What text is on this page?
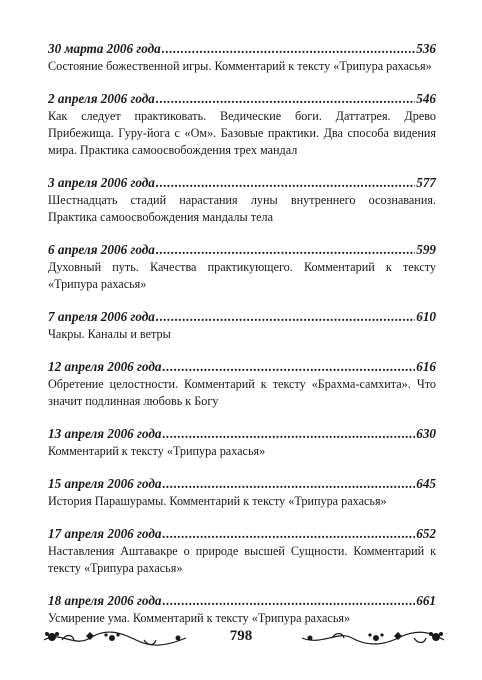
30 марта 2006 года .....	536
Состояние божественной игры. Комментарий к тексту «Трипура рахасья»
2 апреля 2006 года .....	546
Как следует практиковать. Ведические боги. Даттатрея. Древо Прибежища. Гуру-йога с «Ом». Базовые практики. Два способа видения мира. Практика самоосвобождения трех мандал
3 апреля 2006 года .....	577
Шестнадцать стадий нарастания луны внутреннего осознавания. Практика самоосвобождения мандалы тела
6 апреля 2006 года .....	599
Духовный путь. Качества практикующего. Комментарий к тексту «Трипура рахасья»
7 апреля 2006 года .....	610
Чакры. Каналы и ветры
12 апреля 2006 года .....	616
Обретение целостности. Комментарий к тексту «Брахма-самхита». Что значит подлинная любовь к Богу
13 апреля 2006 года .....	630
Комментарий к тексту «Трипура рахасья»
15 апреля 2006 года .....	645
История Парашурамы. Комментарий к тексту «Трипура рахасья»
17 апреля 2006 года .....	652
Наставления Аштавакре о природе высшей Сущности. Комментарий к тексту «Трипура рахасья»
18 апреля 2006 года .....	661
Усмирение ума. Комментарий к тексту «Трипура рахасья»
798
